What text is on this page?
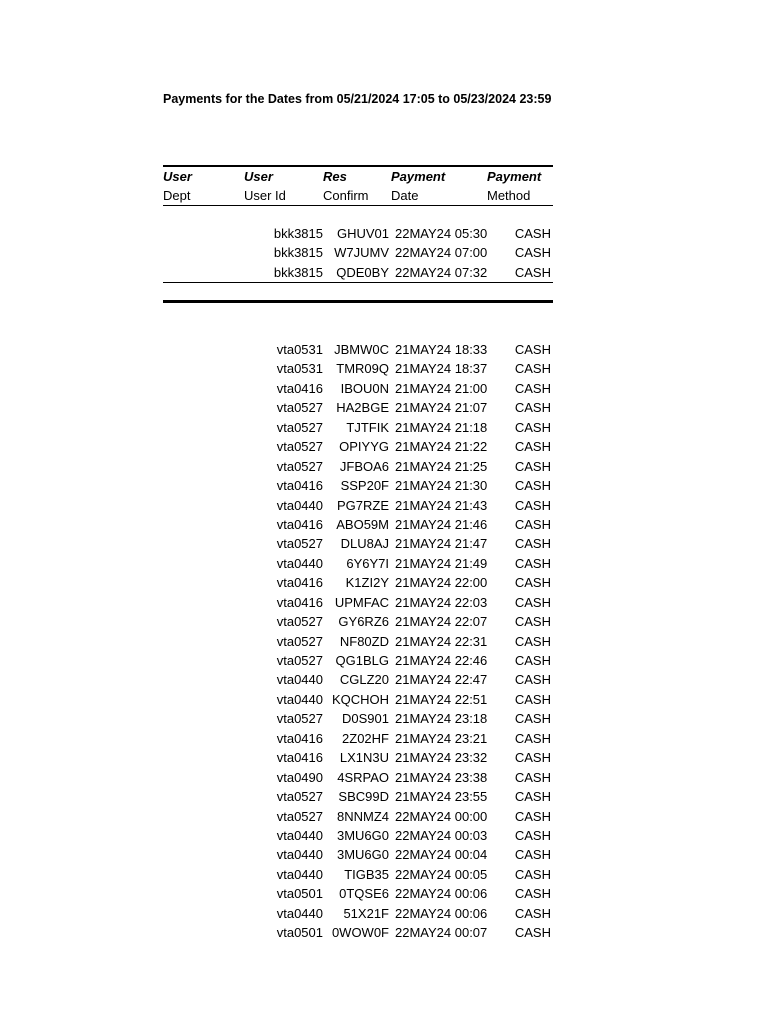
Payments for the Dates from 05/21/2024 17:05 to 05/23/2024 23:59
User
Dept
User
User Id
Res
Confirm
Payment
Date
Payment
Method
bkk3815 GHUV01 22MAY24 05:30 CASH
bkk3815 W7JUMV 22MAY24 07:00 CASH
bkk3815 QDE0BY 22MAY24 07:32 CASH
vta0531 JBMW0C 21MAY24 18:33 CASH
vta0531 TMR09Q 21MAY24 18:37 CASH
vta0416 IBOU0N 21MAY24 21:00 CASH
vta0527 HA2BGE 21MAY24 21:07 CASH
vta0527 TJTFIK 21MAY24 21:18 CASH
vta0527 OPIYYG 21MAY24 21:22 CASH
vta0527 JFBOA6 21MAY24 21:25 CASH
vta0416 SSP20F 21MAY24 21:30 CASH
vta0440 PG7RZE 21MAY24 21:43 CASH
vta0416 ABO59M 21MAY24 21:46 CASH
vta0527 DLU8AJ 21MAY24 21:47 CASH
vta0440 6Y6Y7I 21MAY24 21:49 CASH
vta0416 K1ZI2Y 21MAY24 22:00 CASH
vta0416 UPMFAC 21MAY24 22:03 CASH
vta0527 GY6RZ6 21MAY24 22:07 CASH
vta0527 NF80ZD 21MAY24 22:31 CASH
vta0527 QG1BLG 21MAY24 22:46 CASH
vta0440 CGLZ20 21MAY24 22:47 CASH
vta0440 KQCHOH 21MAY24 22:51 CASH
vta0527 D0S901 21MAY24 23:18 CASH
vta0416 2Z02HF 21MAY24 23:21 CASH
vta0416 LX1N3U 21MAY24 23:32 CASH
vta0490 4SRPAO 21MAY24 23:38 CASH
vta0527 SBC99D 21MAY24 23:55 CASH
vta0527 8NNMZ4 22MAY24 00:00 CASH
vta0440 3MU6G0 22MAY24 00:03 CASH
vta0440 3MU6G0 22MAY24 00:04 CASH
vta0440 TIGB35 22MAY24 00:05 CASH
vta0501 0TQSE6 22MAY24 00:06 CASH
vta0440 51X21F 22MAY24 00:06 CASH
vta0501 0WOW0F 22MAY24 00:07 CASH
